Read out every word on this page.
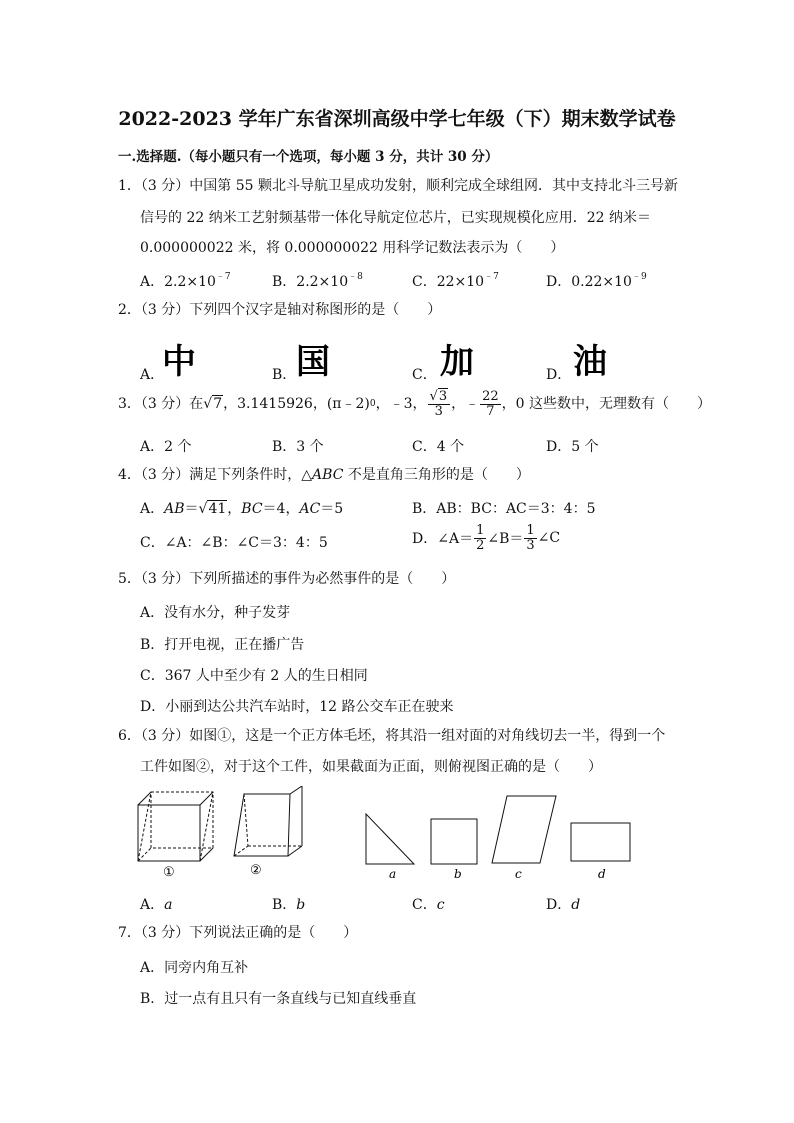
2022-2023 学年广东省深圳高级中学七年级（下）期末数学试卷
一.选择题.（每小题只有一个选项，每小题 3 分，共计 30 分）
1．（3 分）中国第 55 颗北斗导航卫星成功发射，顺利完成全球组网．其中支持北斗三号新
信号的 22 纳米工艺射频基带一体化导航定位芯片，已实现规模化应用．22 纳米＝
0.000000022 米，将 0.000000022 用科学记数法表示为（　　）
A．$2.2\times 10^{﹣7}$	B．$2.2\times 10^{﹣8}$	C．$22\times 10^{﹣7}$	D．$0.22\times 10^{﹣9}$
2．（3 分）下列四个汉字是轴对称图形的是（　　）
A．
中	B． 国	C． 加	D． 油
3．（3 分）在 √7 ，3.1415926，(π﹣2) 0 ，﹣3， $\frac{√3}{3}$ ，﹣ $\frac{22}{7}$ ，0 这些数中，无理数有（　　）
A．2 个	B．3 个	C．4 个	D．5 个
4．（3 分）满足下列条件时，△ABC 不是直角三角形的是（　　）
A．AB＝√41，BC＝4，AC＝5	B．AB：BC：AC＝3：4：5
C．∠A：∠B：∠C＝3：4：5	D．∠A＝ $\frac{1}{2}$ ∠B＝ $\frac{1}{3}$ ∠C
5．（3 分）下列所描述的事件为必然事件的是（　　）
A．没有水分，种子发芽
B．打开电视，正在播广告
C．367 人中至少有 2 人的生日相同
D．小丽到达公共汽车站时，12 路公交车正在驶来
6．（3 分）如图①，这是一个正方体毛坯，将其沿一组对面的对角线切去一半，得到一个
工件如图②，对于这个工件，如果截面为正面，则俯视图正确的是（　　）
①	②	a	b	c	d
A．a	B．b	C．c	D．d
7．（3 分）下列说法正确的是（　　）
A．同旁内角互补
B．过一点有且只有一条直线与已知直线垂直
